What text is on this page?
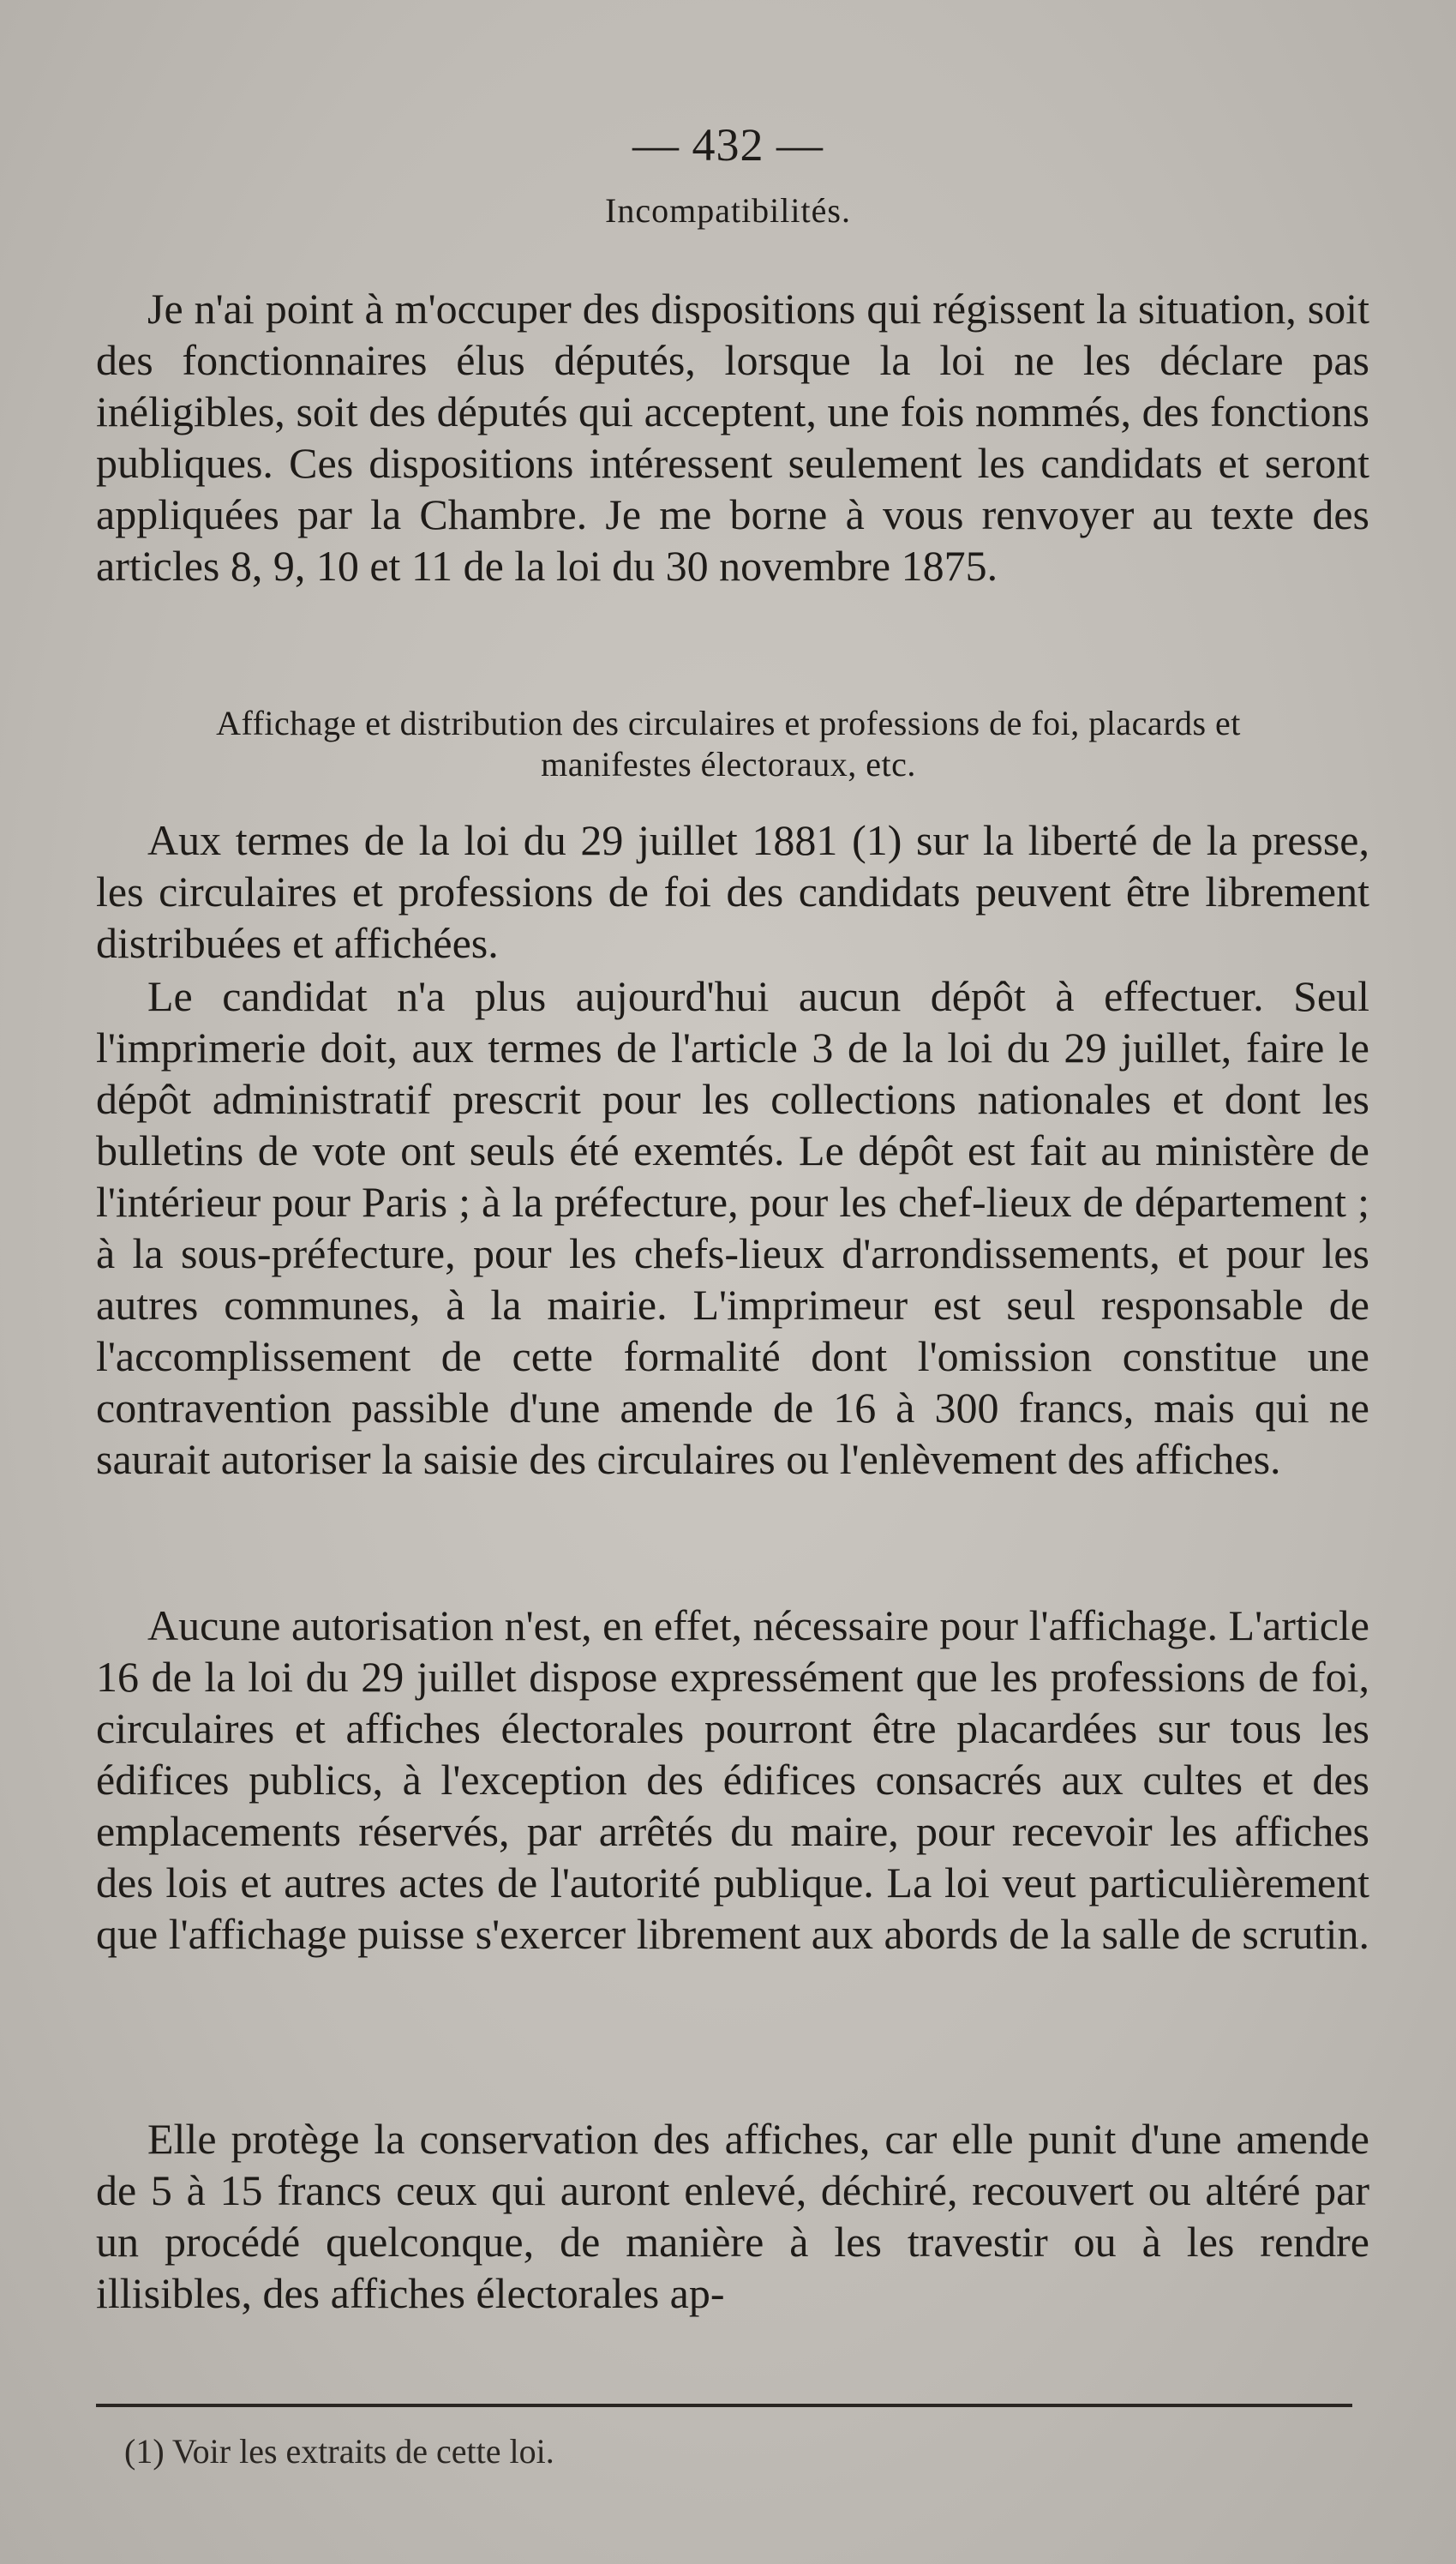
— 432 —
Incompatibilités.

Je n'ai point à m'occuper des dispositions qui régissent la situation, soit des fonctionnaires élus députés, lorsque la loi ne les déclare pas inéligibles, soit des députés qui acceptent, une fois nommés, des fonctions publiques. Ces dispositions intéressent seulement les candidats et seront appliquées par la Chambre. Je me borne à vous renvoyer au texte des articles 8, 9, 10 et 11 de la loi du 30 novembre 1875.

Affichage et distribution des circulaires et professions de foi, placards et manifestes électoraux, etc.

Aux termes de la loi du 29 juillet 1881 (1) sur la liberté de la presse, les circulaires et professions de foi des candidats peuvent être librement distribuées et affichées.

Le candidat n'a plus aujourd'hui aucun dépôt à effectuer. Seul l'imprimerie doit, aux termes de l'article 3 de la loi du 29 juillet, faire le dépôt administratif prescrit pour les collections nationales et dont les bulletins de vote ont seuls été exemtés. Le dépôt est fait au ministère de l'intérieur pour Paris ; à la préfecture, pour les chef-lieux de département ; à la sous-préfecture, pour les chefs-lieux d'arrondissements, et pour les autres communes, à la mairie. L'imprimeur est seul responsable de l'accomplissement de cette formalité dont l'omission constitue une contravention passible d'une amende de 16 à 300 francs, mais qui ne saurait autoriser la saisie des circulaires ou l'enlèvement des affiches.

Aucune autorisation n'est, en effet, nécessaire pour l'affichage. L'article 16 de la loi du 29 juillet dispose expressément que les professions de foi, circulaires et affiches électorales pourront être placardées sur tous les édifices publics, à l'exception des édifices consacrés aux cultes et des emplacements réservés, par arrêtés du maire, pour recevoir les affiches des lois et autres actes de l'autorité publique. La loi veut particulièrement que l'affichage puisse s'exercer librement aux abords de la salle de scrutin.

Elle protège la conservation des affiches, car elle punit d'une amende de 5 à 15 francs ceux qui auront enlevé, déchiré, recouvert ou altéré par un procédé quelconque, de manière à les travestir ou à les rendre illisibles, des affiches électorales ap-

(1) Voir les extraits de cette loi.
